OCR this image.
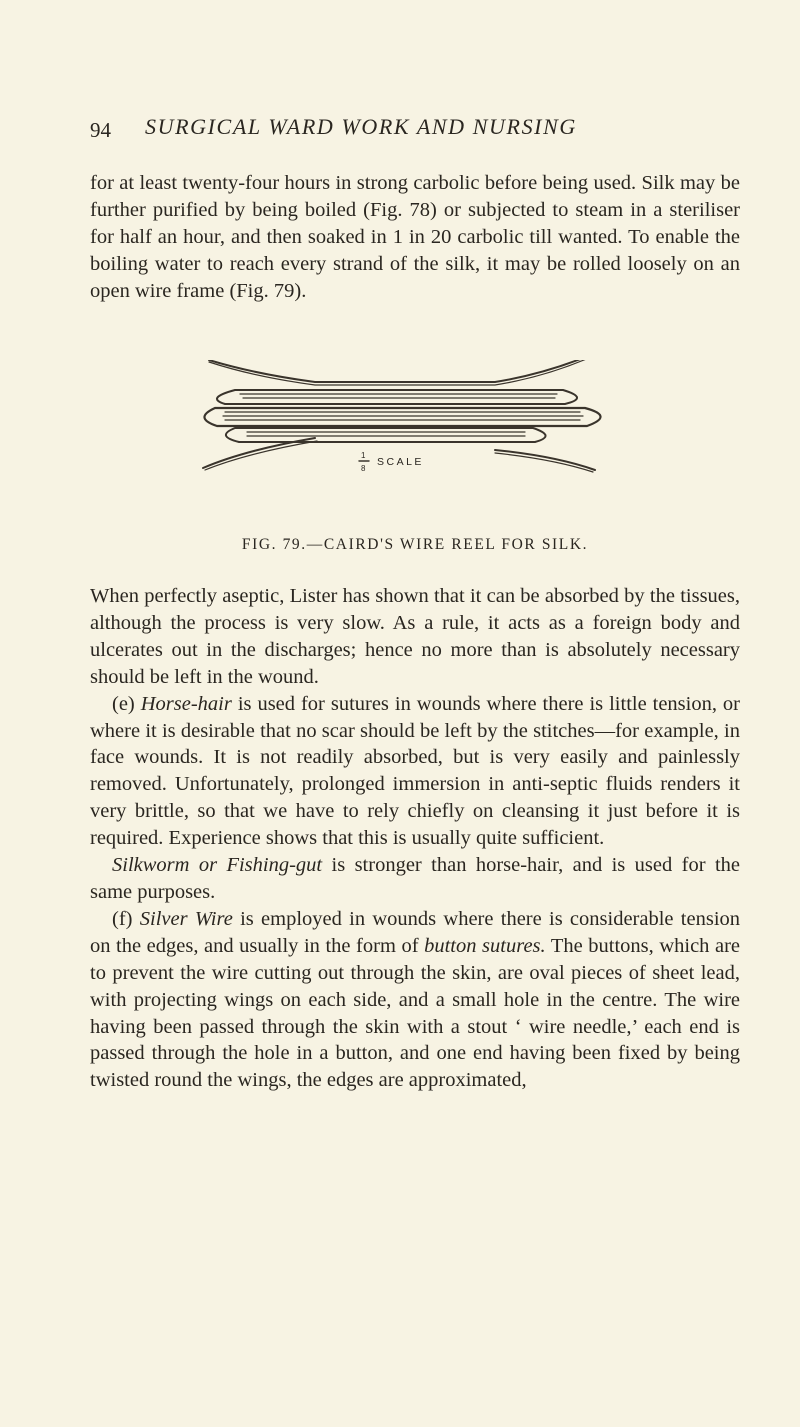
94 SURGICAL WARD WORK AND NURSING

for at least twenty-four hours in strong carbolic before being used. Silk may be further purified by being boiled (Fig. 78) or subjected to steam in a steriliser for half an hour, and then soaked in 1 in 20 carbolic till wanted. To enable the boiling water to reach every strand of the silk, it may be rolled loosely on an open wire frame (Fig. 79).

1
8
SCALE
FIG. 79.—CAIRD'S WIRE REEL FOR SILK.

When perfectly aseptic, Lister has shown that it can be absorbed by the tissues, although the process is very slow. As a rule, it acts as a foreign body and ulcerates out in the discharges; hence no more than is absolutely necessary should be left in the wound.

(e) Horse-hair is used for sutures in wounds where there is little tension, or where it is desirable that no scar should be left by the stitches—for example, in face wounds. It is not readily absorbed, but is very easily and painlessly removed. Unfortunately, prolonged immersion in anti-septic fluids renders it very brittle, so that we have to rely chiefly on cleansing it just before it is required. Experience shows that this is usually quite sufficient.

Silkworm or Fishing-gut is stronger than horse-hair, and is used for the same purposes.

(f) Silver Wire is employed in wounds where there is considerable tension on the edges, and usually in the form of button sutures. The buttons, which are to prevent the wire cutting out through the skin, are oval pieces of sheet lead, with projecting wings on each side, and a small hole in the centre. The wire having been passed through the skin with a stout ‘ wire needle,’ each end is passed through the hole in a button, and one end having been fixed by being twisted round the wings, the edges are approximated,
